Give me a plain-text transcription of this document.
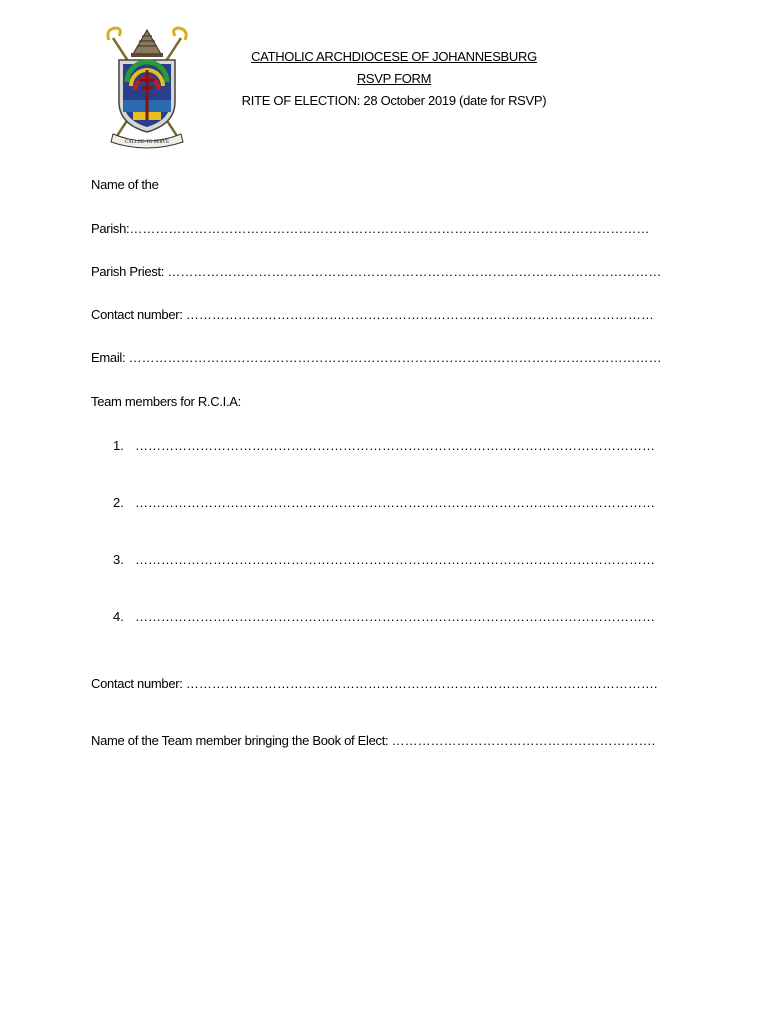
CALLED TO SERVE
CATHOLIC ARCHDIOCESE OF JOHANNESBURG
RSVP FORM
RITE OF ELECTION: 28 October 2019 (date for RSVP)
Name of the
Parish:…………………………………………………………………………………………………………
Parish Priest: ……………………………………………………………………………………………………
Contact number: ………………………………………………………………………………………………
Email: ……………………………………………………………………………………………………………
Team members for R.C.I.A:
1. …………………………………………………………………………………………………………
2. …………………………………………………………………………………………………………
3. …………………………………………………………………………………………………………
4. …………………………………………………………………………………………………………
Contact number: ……………………………………………………………………………………………….
Name of the Team member bringing the Book of Elect: …………………………………………………….
